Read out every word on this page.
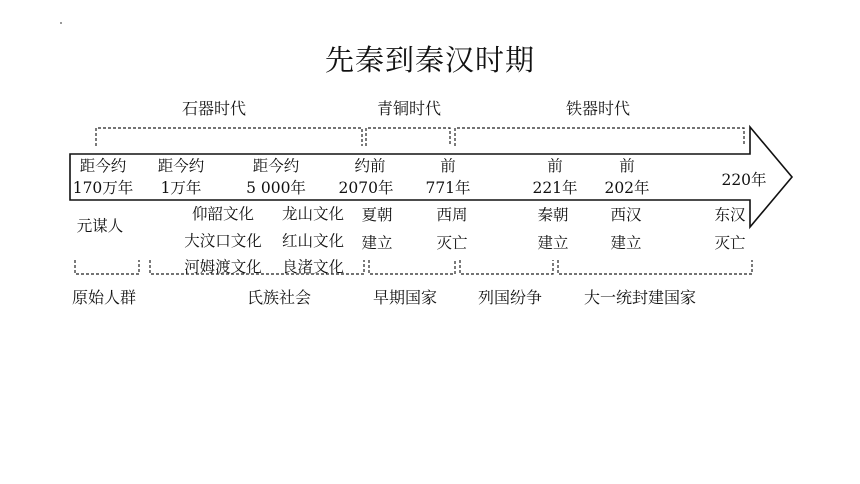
先秦到秦汉时期
石器时代	青铜时代	铁器时代
距今约
170万年
距今约
1万年
距今约
5 000年
约前
2070年
前
771年
前
221年
前
202年	220年
元谋人
仰韶文化
大汶口文化
河姆渡文化
龙山文化
红山文化
良渚文化
夏朝
建立
西周
灭亡
秦朝
建立
西汉
建立
东汉
灭亡
原始人群	氏族社会	早期国家	列国纷争	大一统封建国家
